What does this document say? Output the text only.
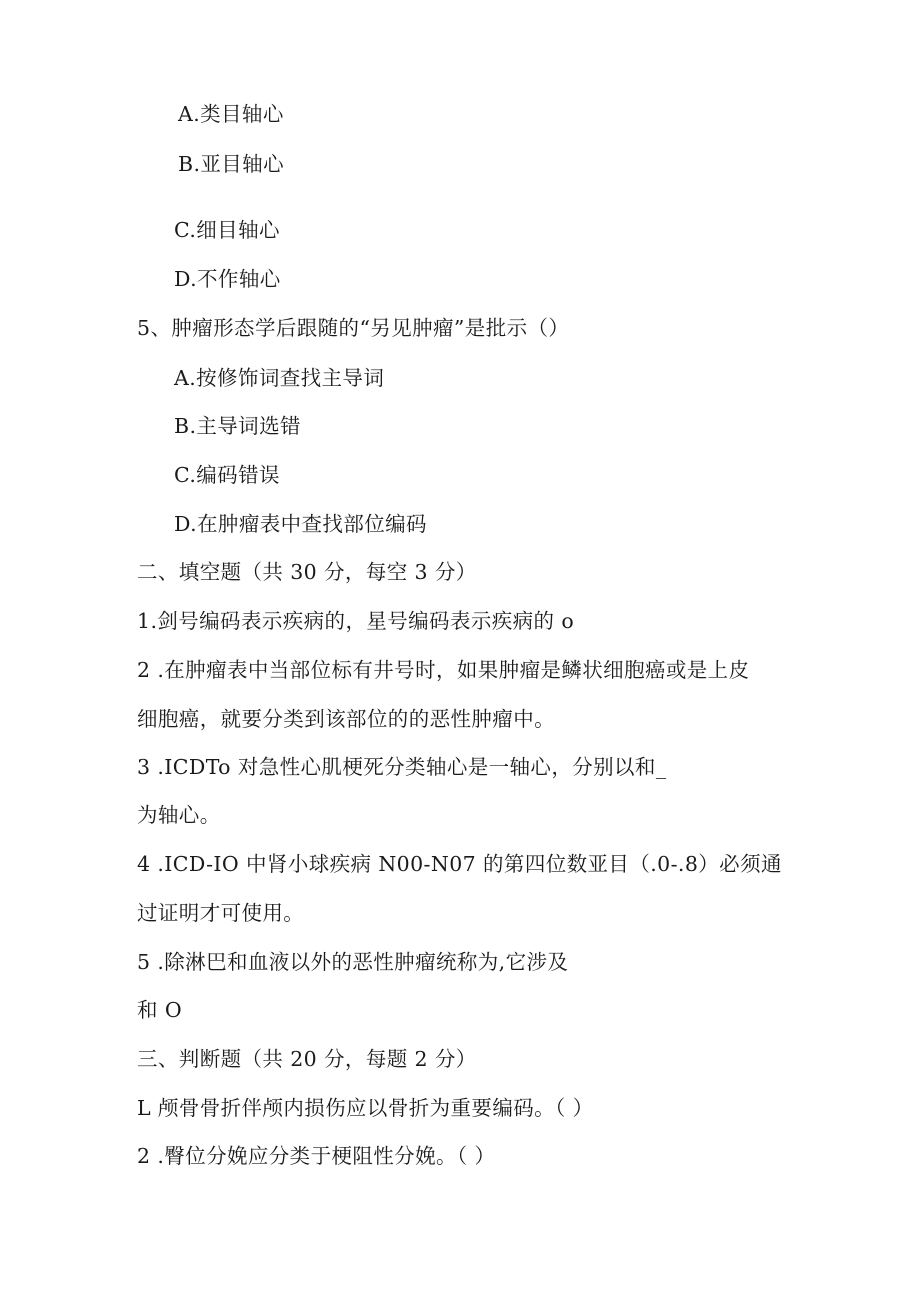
A.类目轴心
B.亚目轴心
C.细目轴心
D.不作轴心
5、肿瘤形态学后跟随的“另见肿瘤”是批示（）
A.按修饰词查找主导词
B.主导词选错
C.编码错误
D.在肿瘤表中查找部位编码
二、填空题（共 30 分，每空 3 分）
1.剑号编码表示疾病的，星号编码表示疾病的 o
2 .在肿瘤表中当部位标有井号时，如果肿瘤是鳞状细胞癌或是上皮
细胞癌，就要分类到该部位的的恶性肿瘤中。
3 .ICDTo 对急性心肌梗死分类轴心是一轴心，分别以和_
为轴心。
4 .ICD-IO 中肾小球疾病 N00-N07 的第四位数亚目（.0-.8）必须通
过证明才可使用。
5 .除淋巴和血液以外的恶性肿瘤统称为,它涉及
和 O
三、判断题（共 20 分，每题 2 分）
L 颅骨骨折伴颅内损伤应以骨折为重要编码。（ ）
2 .臀位分娩应分类于梗阻性分娩。（ ）
